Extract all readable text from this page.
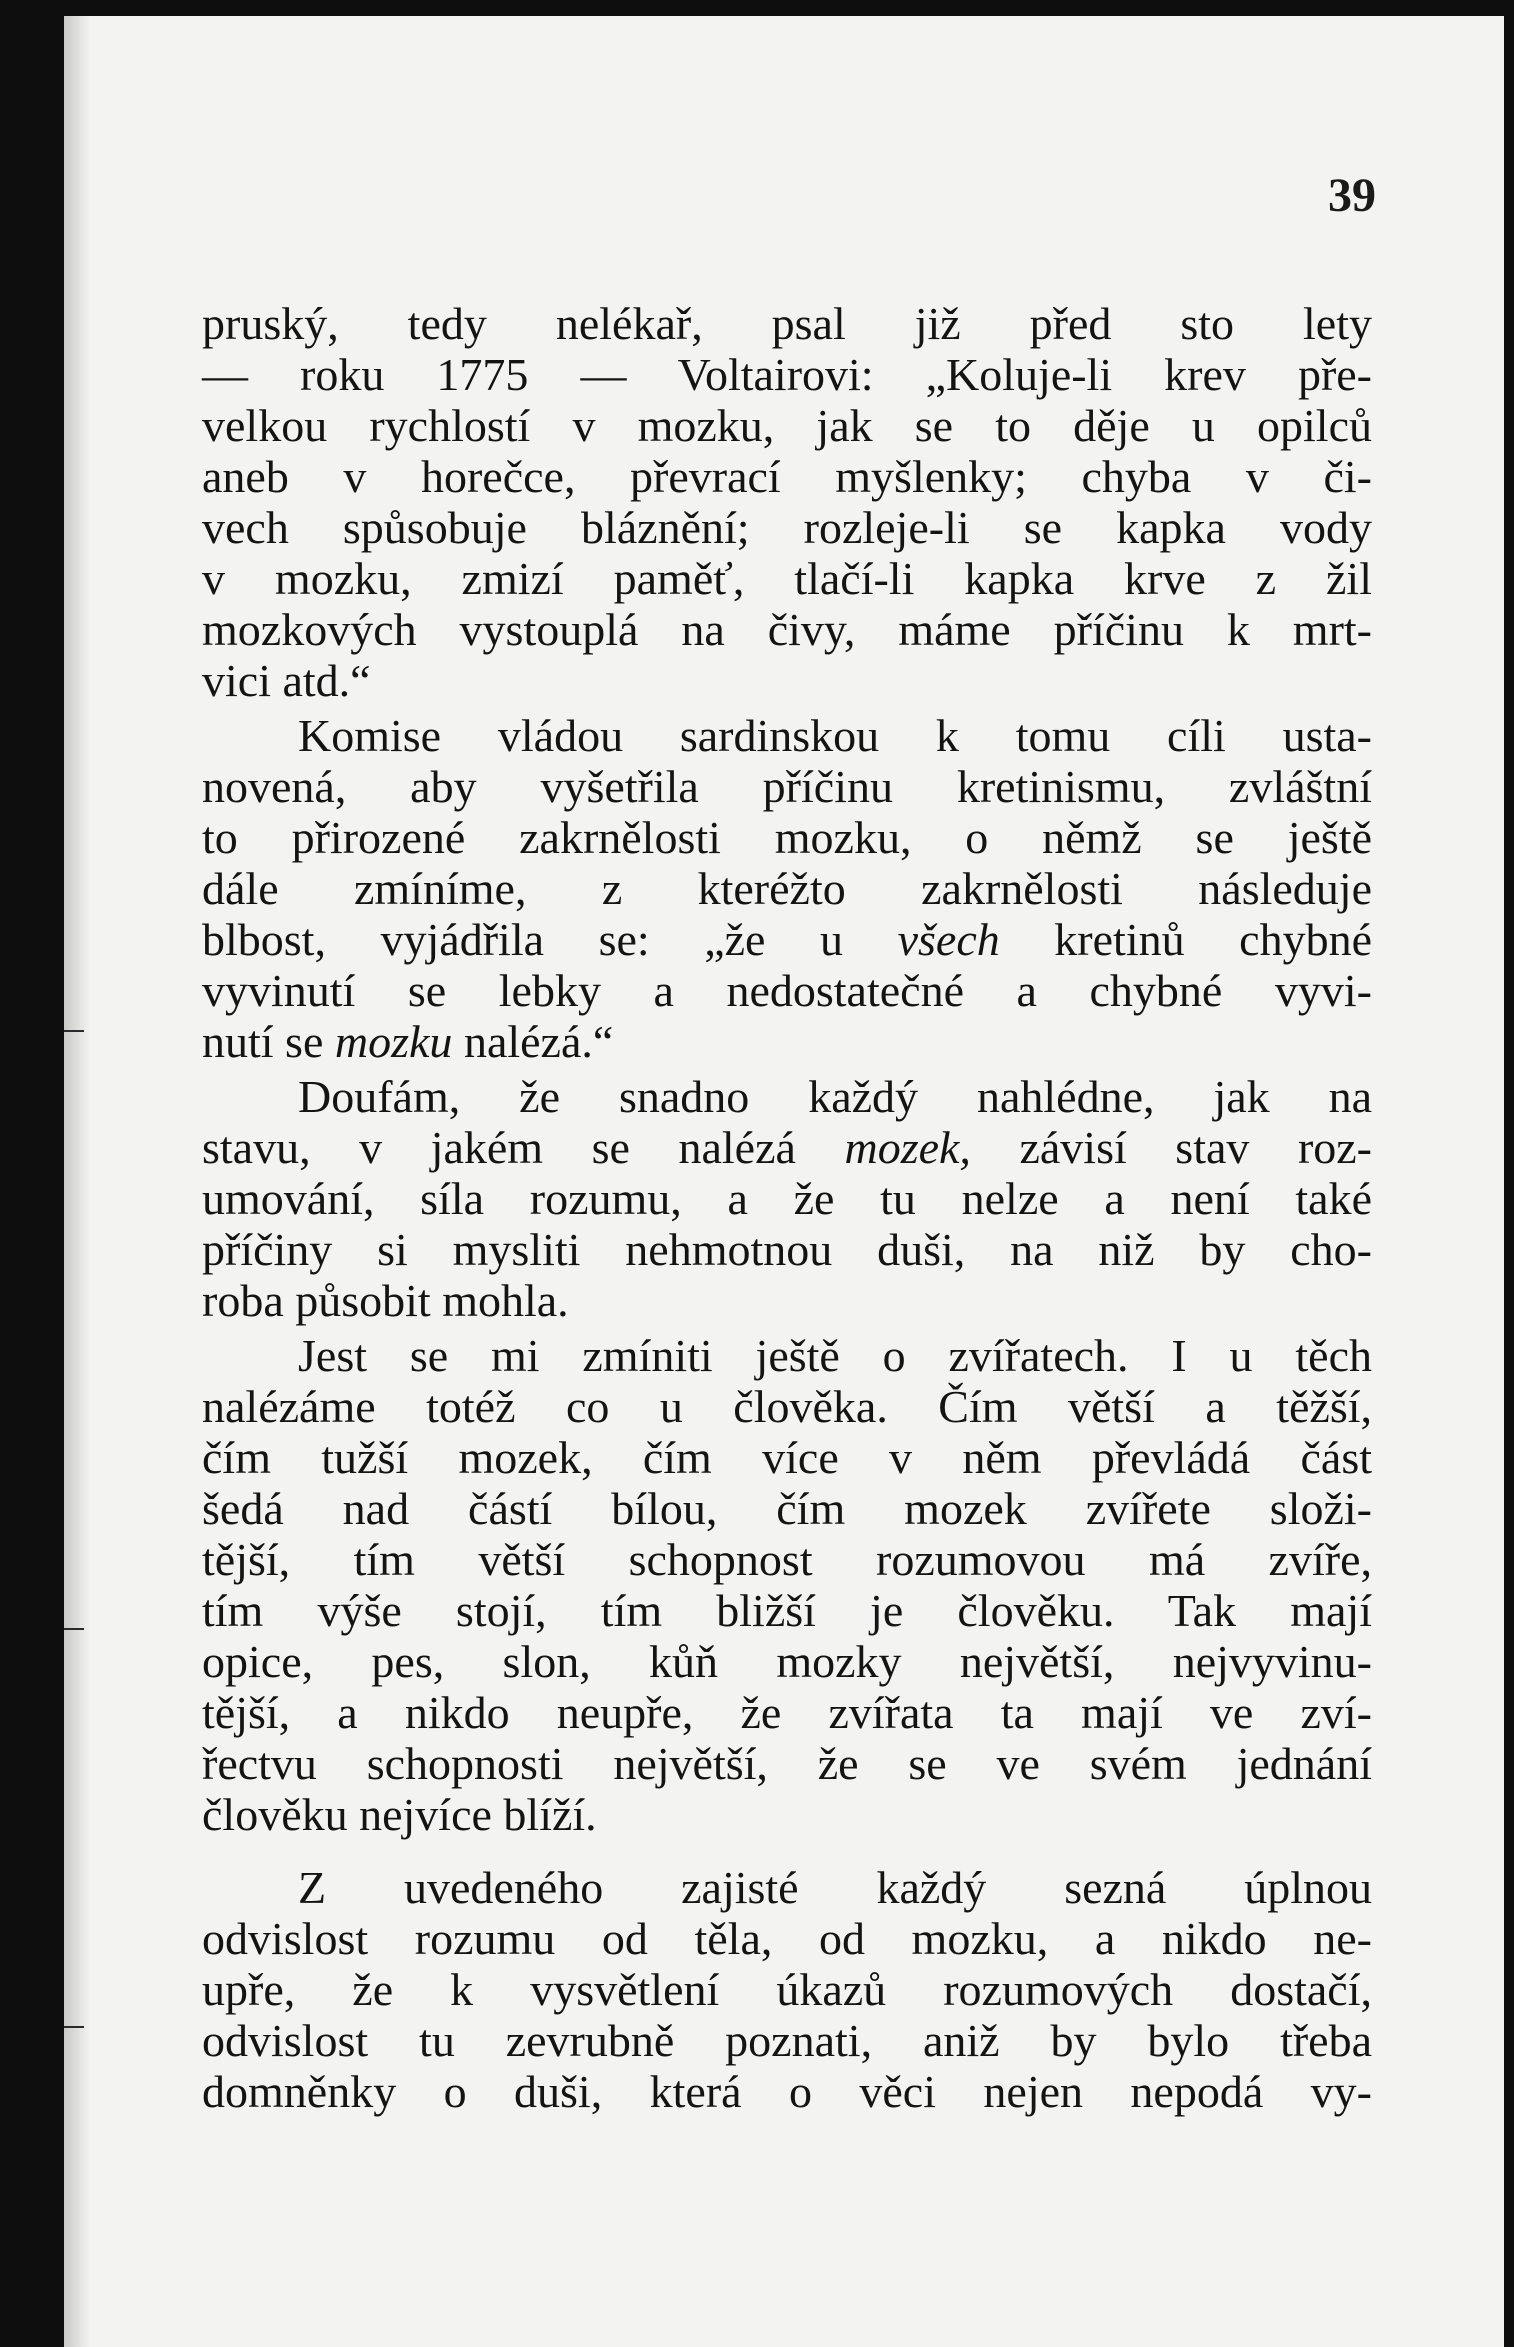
39

pruský, tedy nelékař, psal již před sto lety
— roku 1775 — Voltairovi: „Koluje-li krev pře-
velkou rychlostí v mozku, jak se to děje u opilců
aneb v horečce, převrací myšlenky; chyba v či-
vech spůsobuje bláznění; rozleje-li se kapka vody
v mozku, zmizí paměť, tlačí-li kapka krve z žil
mozkových vystouplá na čivy, máme příčinu k mrt-
vici atd.“
Komise vládou sardinskou k tomu cíli usta-
novená, aby vyšetřila příčinu kretinismu, zvláštní
to přirozené zakrnělosti mozku, o němž se ještě
dále zmíníme, z kteréžto zakrnělosti následuje
blbost, vyjádřila se: „že u všech kretinů chybné
vyvinutí se lebky a nedostatečné a chybné vyvi-
nutí se mozku nalézá.“
Doufám, že snadno každý nahlédne, jak na
stavu, v jakém se nalézá mozek, závisí stav roz-
umování, síla rozumu, a že tu nelze a není také
příčiny si mysliti nehmotnou duši, na niž by cho-
roba působit mohla.
Jest se mi zmíniti ještě o zvířatech. I u těch
nalézáme totéž co u člověka. Čím větší a těžší,
čím tužší mozek, čím více v něm převládá část
šedá nad částí bílou, čím mozek zvířete složi-
tější, tím větší schopnost rozumovou má zvíře,
tím výše stojí, tím bližší je člověku. Tak mají
opice, pes, slon, kůň mozky největší, nejvyvinu-
tější, a nikdo neupře, že zvířata ta mají ve zví-
řectvu schopnosti největší, že se ve svém jednání
člověku nejvíce blíží.
Z uvedeného zajisté každý sezná úplnou
odvislost rozumu od těla, od mozku, a nikdo ne-
upře, že k vysvětlení úkazů rozumových dostačí,
odvislost tu zevrubně poznati, aniž by bylo třeba
domněnky o duši, která o věci nejen nepodá vy-
